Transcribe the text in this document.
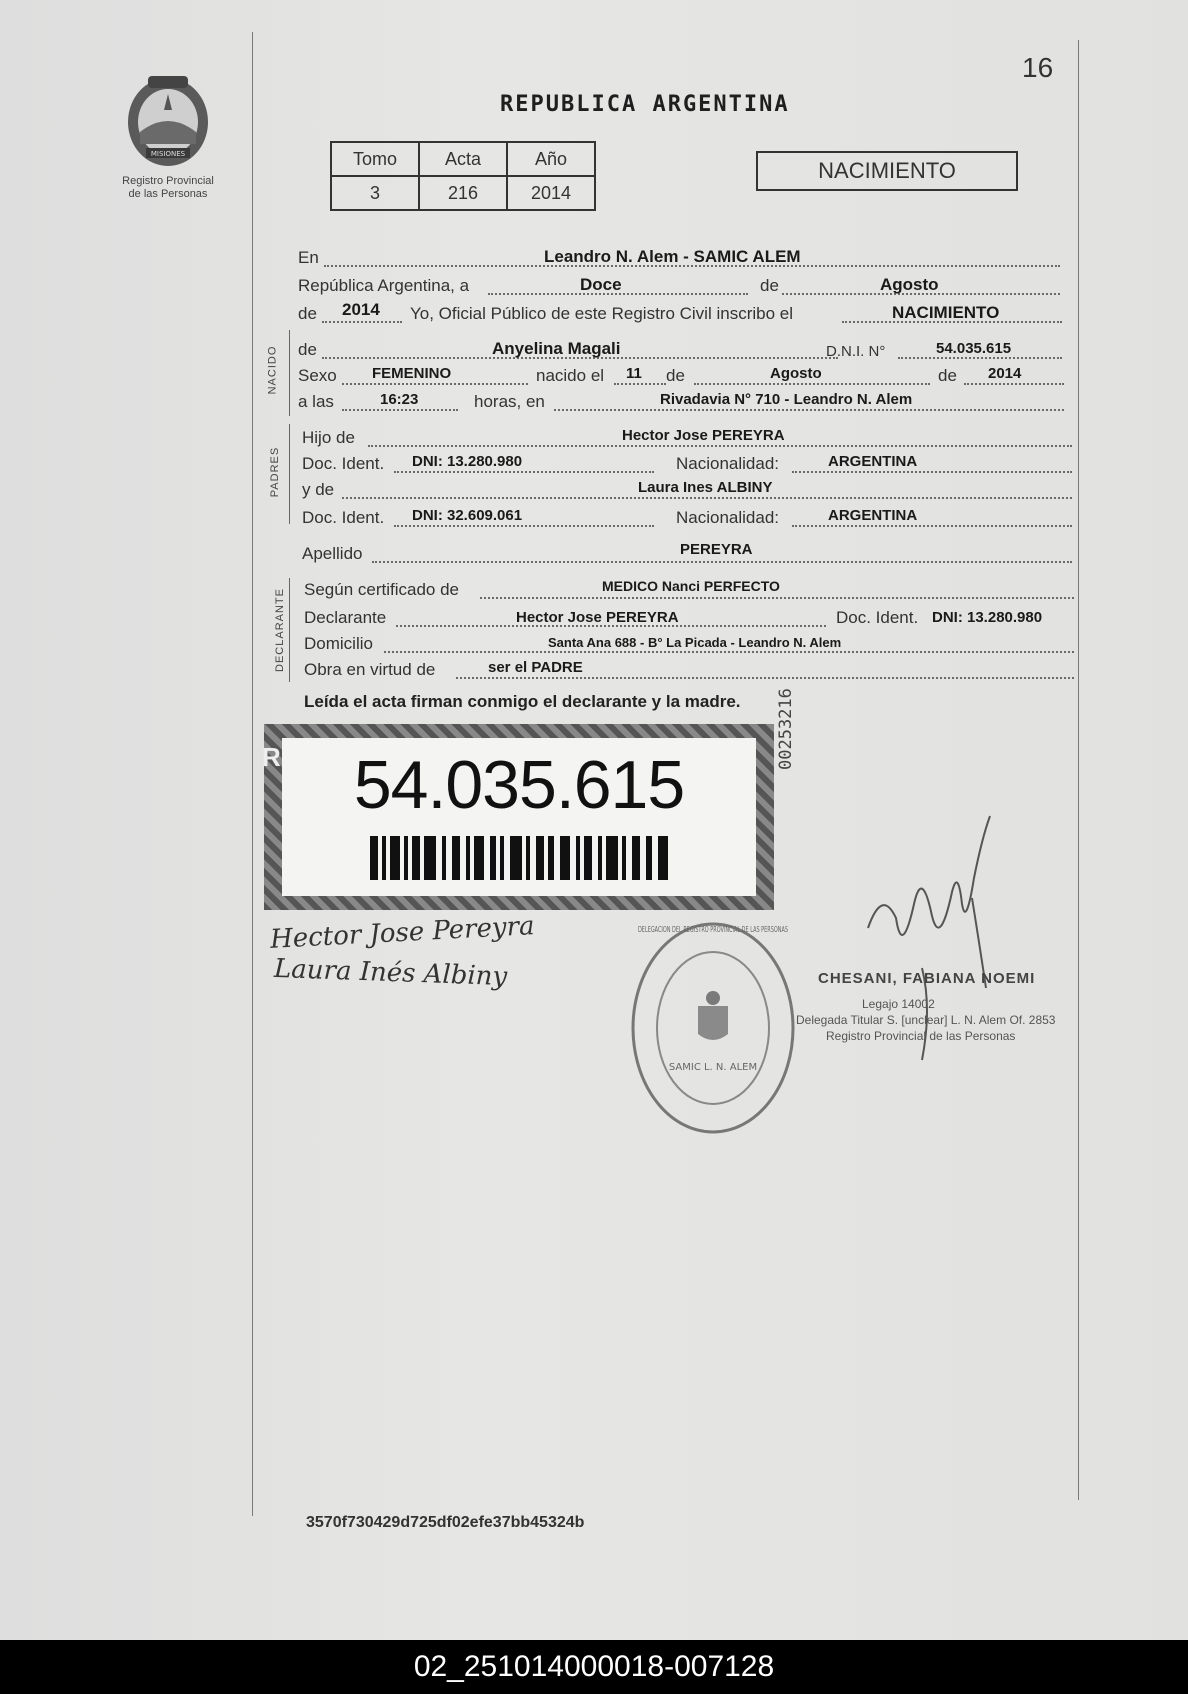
16
MISIONES
Registro Provincial
de las Personas
REPUBLICA ARGENTINA
Tomo	Acta	Año
3	216	2014
NACIMIENTO
En	Leandro N. Alem - SAMIC ALEM
República Argentina, a	Doce	de	Agosto
de 2014 Yo, Oficial Público de este Registro Civil inscribo el	NACIMIENTO
NACIDO de	Anyelina Magali	D.N.I. N°	54.035.615
Sexo FEMENINO	nacido el 11 de	Agosto	de 2014
a las	16:23	horas, en	Rivadavia N° 710 - Leandro N. Alem
PADRES
Hijo de	Hector Jose PEREYRA
Doc. Ident. DNI: 13.280.980	Nacionalidad:	ARGENTINA
y de	Laura Ines ALBINY
Doc. Ident. DNI: 32.609.061	Nacionalidad:	ARGENTINA
Apellido	PEREYRA
DECLARANTE Según certificado de	MEDICO Nanci PERFECTO
Declarante	Hector Jose PEREYRA	Doc. Ident. DNI: 13.280.980
Domicilio	Santa Ana 688 - B° La Picada - Leandro N. Alem
Obra en virtud de	ser el PADRE
Leída el acta firman conmigo el declarante y la madre.
54.035.615
R	00253216
Hector Jose Pereyra
Laura Inés Albiny
SAMIC L. N. ALEM
DELEGACION DEL REGISTRO PROVINCIAL DE LAS PERSONAS
CHESANI, FABIANA NOEMI
Legajo 14002
Delegada Titular S. [unclear] L. N. Alem Of. 2853
Registro Provincial de las Personas
3570f730429d725df02efe37bb45324b
02_251014000018-007128
